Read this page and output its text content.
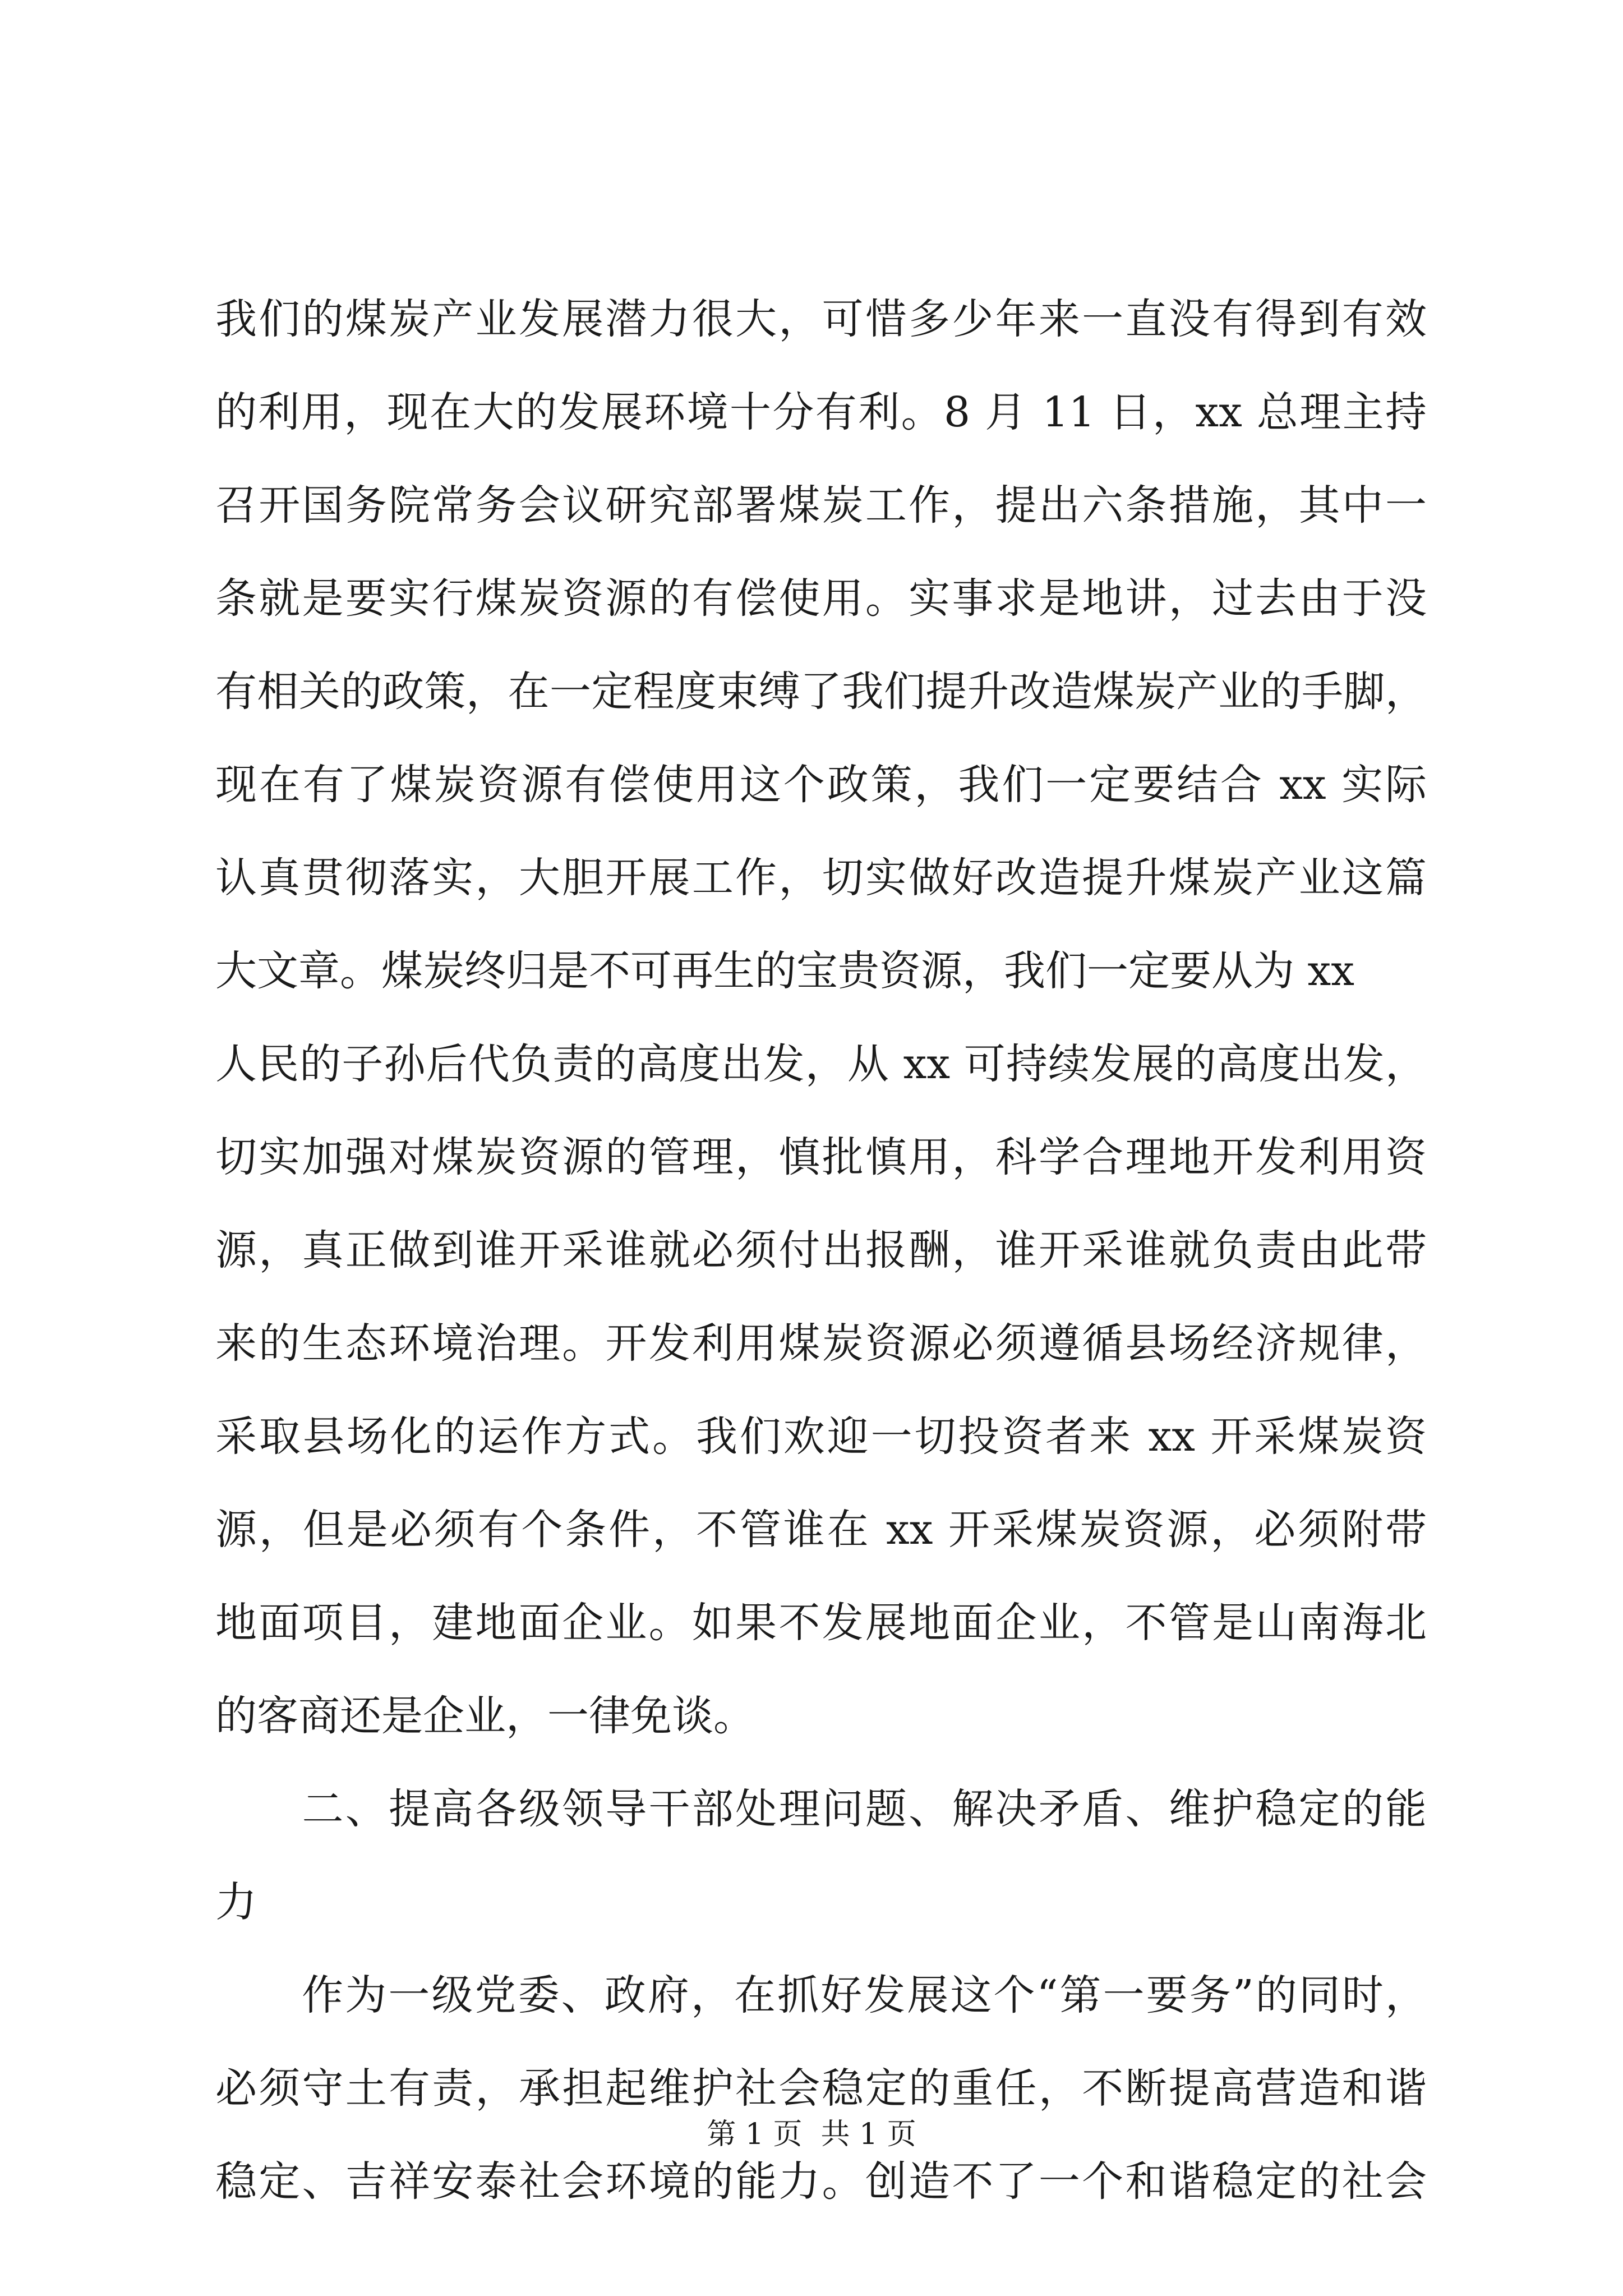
我们的煤炭产业发展潜力很大，可惜多少年来一直没有得到有效
的利用，现在大的发展环境十分有利。8 月 11 日，xx 总理主持
召开国务院常务会议研究部署煤炭工作，提出六条措施，其中一
条就是要实行煤炭资源的有偿使用。实事求是地讲，过去由于没
有相关的政策，在一定程度束缚了我们提升改造煤炭产业的手脚，
现在有了煤炭资源有偿使用这个政策，我们一定要结合 xx 实际
认真贯彻落实，大胆开展工作，切实做好改造提升煤炭产业这篇
大文章。煤炭终归是不可再生的宝贵资源，我们一定要从为 xx
人民的子孙后代负责的高度出发，从 xx 可持续发展的高度出发，
切实加强对煤炭资源的管理，慎批慎用，科学合理地开发利用资
源，真正做到谁开采谁就必须付出报酬，谁开采谁就负责由此带
来的生态环境治理。开发利用煤炭资源必须遵循县场经济规律，
采取县场化的运作方式。我们欢迎一切投资者来 xx 开采煤炭资
源，但是必须有个条件，不管谁在 xx 开采煤炭资源，必须附带
地面项目，建地面企业。如果不发展地面企业，不管是山南海北
的客商还是企业，一律免谈。
　　二、提高各级领导干部处理问题、解决矛盾、维护稳定的能
力
　　作为一级党委、政府，在抓好发展这个“第一要务”的同时，
必须守土有责，承担起维护社会稳定的重任，不断提高营造和谐
稳定、吉祥安泰社会环境的能力。创造不了一个和谐稳定的社会
第 1 页  共 1 页
